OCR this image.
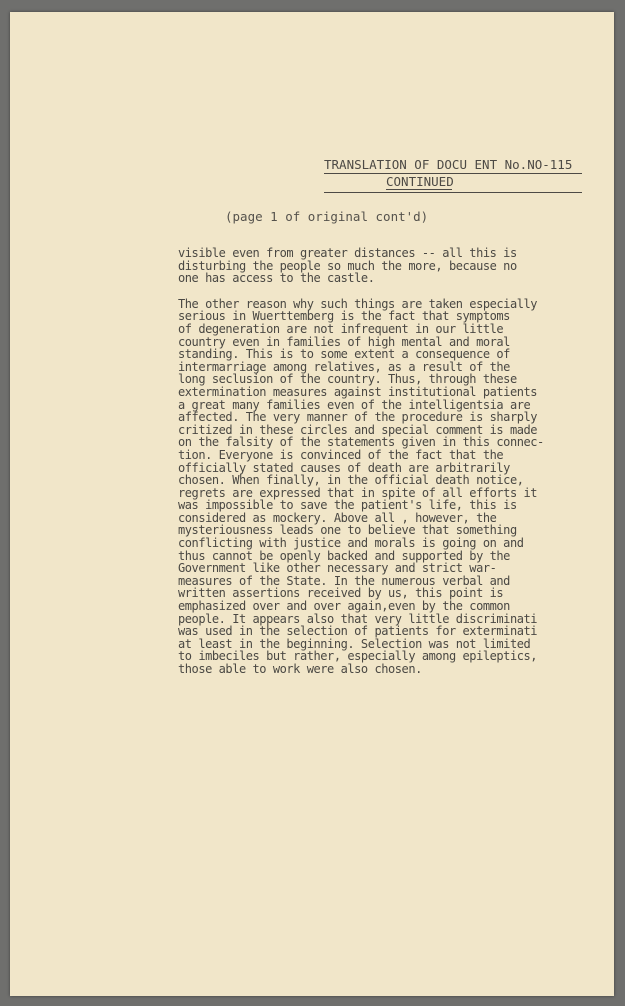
TRANSLATION OF DOCU ENT No.NO-115
CONTINUED
(page 1 of original cont'd)
visible even from greater distances -- all this is
disturbing the people so much the more, because no
one has access to the castle.
The other reason why such things are taken especially
serious in Wuerttemberg is the fact that symptoms
of degeneration are not infrequent in our little
country even in families of high mental and moral
standing. This is to some extent a consequence of
intermarriage among relatives, as a result of the
long seclusion of the country. Thus, through these
extermination measures against institutional patients
a great many families even of the intelligentsia are
affected. The very manner of the procedure is sharply
critized in these circles and special comment is made
on the falsity of the statements given in this connec-
tion. Everyone is convinced of the fact that the
officially stated causes of death are arbitrarily
chosen. When finally, in the official death notice,
regrets are expressed that in spite of all efforts it
was impossible to save the patient's life, this is
considered as mockery. Above all , however, the
mysteriousness leads one to believe that something
conflicting with justice and morals is going on and
thus cannot be openly backed and supported by the
Government like other necessary and strict war-
measures of the State. In the numerous verbal and
written assertions received by us, this point is
emphasized over and over again,even by the common
people. It appears also that very little discriminati
was used in the selection of patients for exterminati
at least in the beginning. Selection was not limited
to imbeciles but rather, especially among epileptics,
those able to work were also chosen.
